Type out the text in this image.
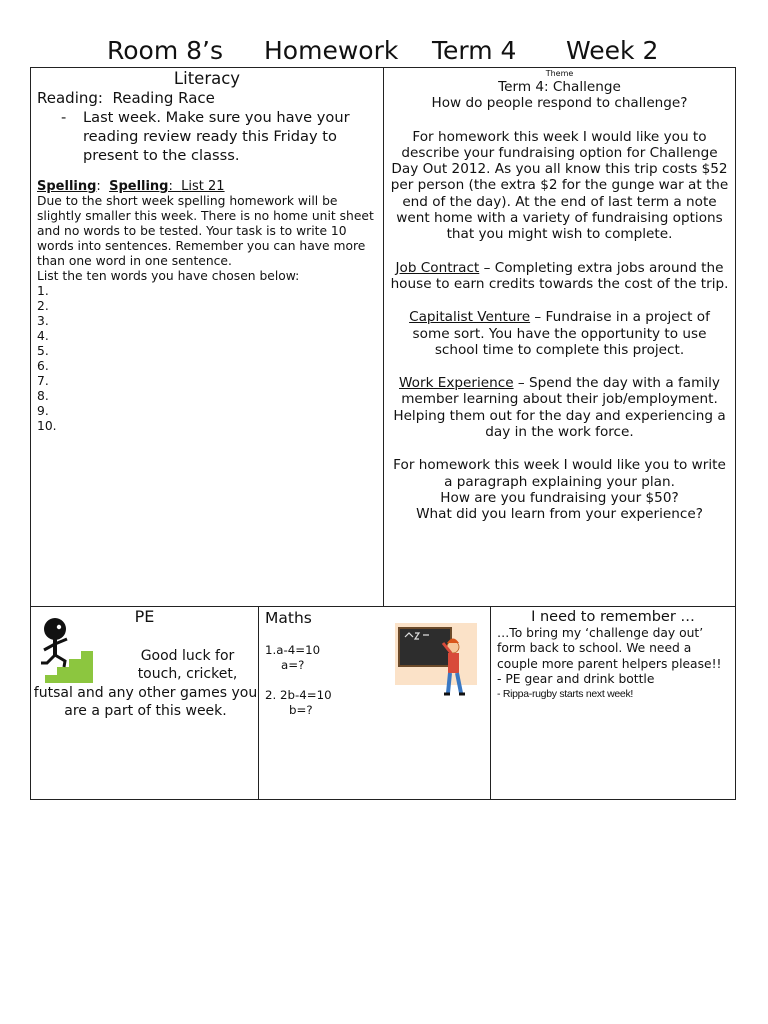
Room 8’s Homework Term 4 Week 2
Literacy
Reading:  Reading Race
- Last week. Make sure you have your reading review ready this Friday to present to the classs.
Spelling:  Spelling:  List 21
Due to the short week spelling homework will be slightly smaller this week. There is no home unit sheet and no words to be tested. Your task is to write 10 words into sentences. Remember you can have more than one word in one sentence.
List the ten words you have chosen below:
1.
2.
3.
4.
5.
6.
7.
8.
9.
10.
Theme
Term 4: Challenge
How do people respond to challenge?
For homework this week I would like you to describe your fundraising option for Challenge Day Out 2012. As you all know this trip costs $52 per person (the extra $2 for the gunge war at the end of the day). At the end of last term a note went home with a variety of fundraising options that you might wish to complete.
Job Contract – Completing extra jobs around the house to earn credits towards the cost of the trip.
Capitalist Venture – Fundraise in a project of some sort. You have the opportunity to use school time to complete this project.
Work Experience – Spend the day with a family member learning about their job/employment. Helping them out for the day and experiencing a day in the work force.
For homework this week I would like you to write a paragraph explaining your plan.
How are you fundraising your $50?
What did you learn from your experience?
PE
Good luck for touch, cricket,
futsal and any other games you are a part of this week.
Maths
1.a-4=10
a=?
2. 2b-4=10
b=?
I need to remember …
…To bring my ‘challenge day out’ form back to school. We need a couple more parent helpers please!!
- PE gear and drink bottle
- Rippa-rugby starts next week!
